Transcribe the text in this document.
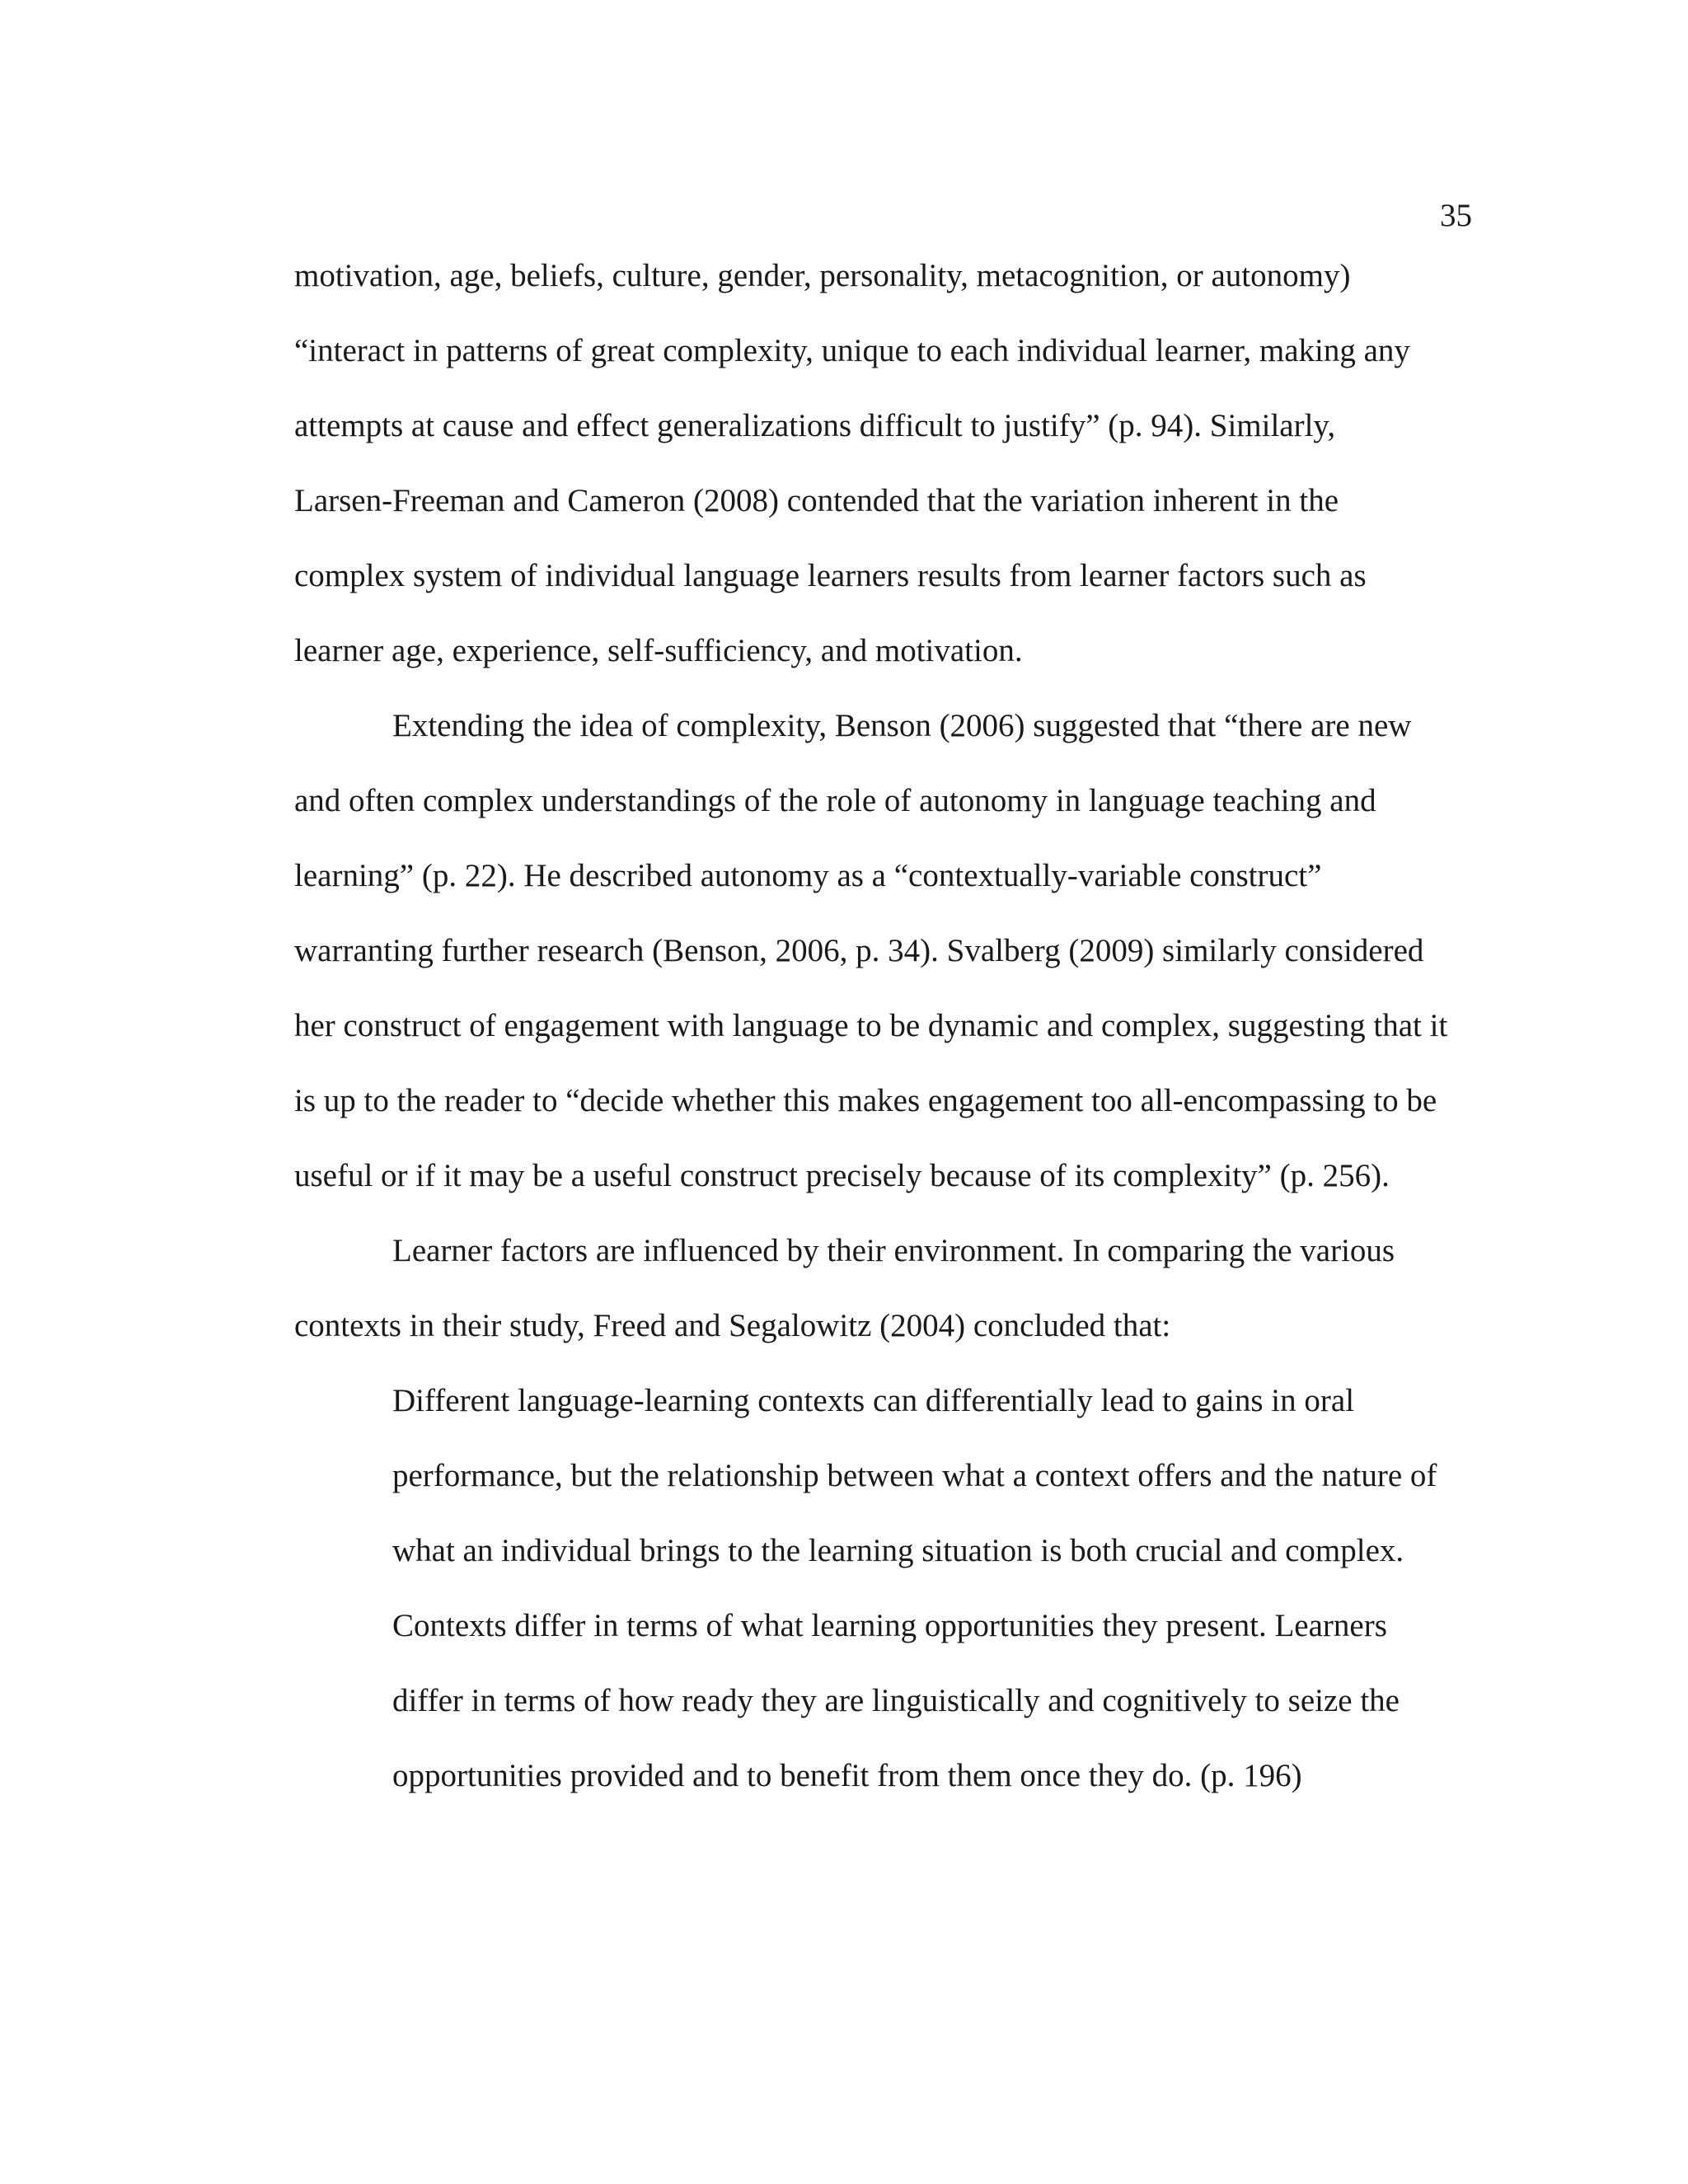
35
motivation, age, beliefs, culture, gender, personality, metacognition, or autonomy)
“interact in patterns of great complexity, unique to each individual learner, making any
attempts at cause and effect generalizations difficult to justify” (p. 94). Similarly,
Larsen-Freeman and Cameron (2008) contended that the variation inherent in the
complex system of individual language learners results from learner factors such as
learner age, experience, self-sufficiency, and motivation.
Extending the idea of complexity, Benson (2006) suggested that “there are new
and often complex understandings of the role of autonomy in language teaching and
learning” (p. 22). He described autonomy as a “contextually-variable construct”
warranting further research (Benson, 2006, p. 34). Svalberg (2009) similarly considered
her construct of engagement with language to be dynamic and complex, suggesting that it
is up to the reader to “decide whether this makes engagement too all-encompassing to be
useful or if it may be a useful construct precisely because of its complexity” (p. 256).
Learner factors are influenced by their environment. In comparing the various
contexts in their study, Freed and Segalowitz (2004) concluded that:
Different language-learning contexts can differentially lead to gains in oral
performance, but the relationship between what a context offers and the nature of
what an individual brings to the learning situation is both crucial and complex.
Contexts differ in terms of what learning opportunities they present. Learners
differ in terms of how ready they are linguistically and cognitively to seize the
opportunities provided and to benefit from them once they do. (p. 196)
